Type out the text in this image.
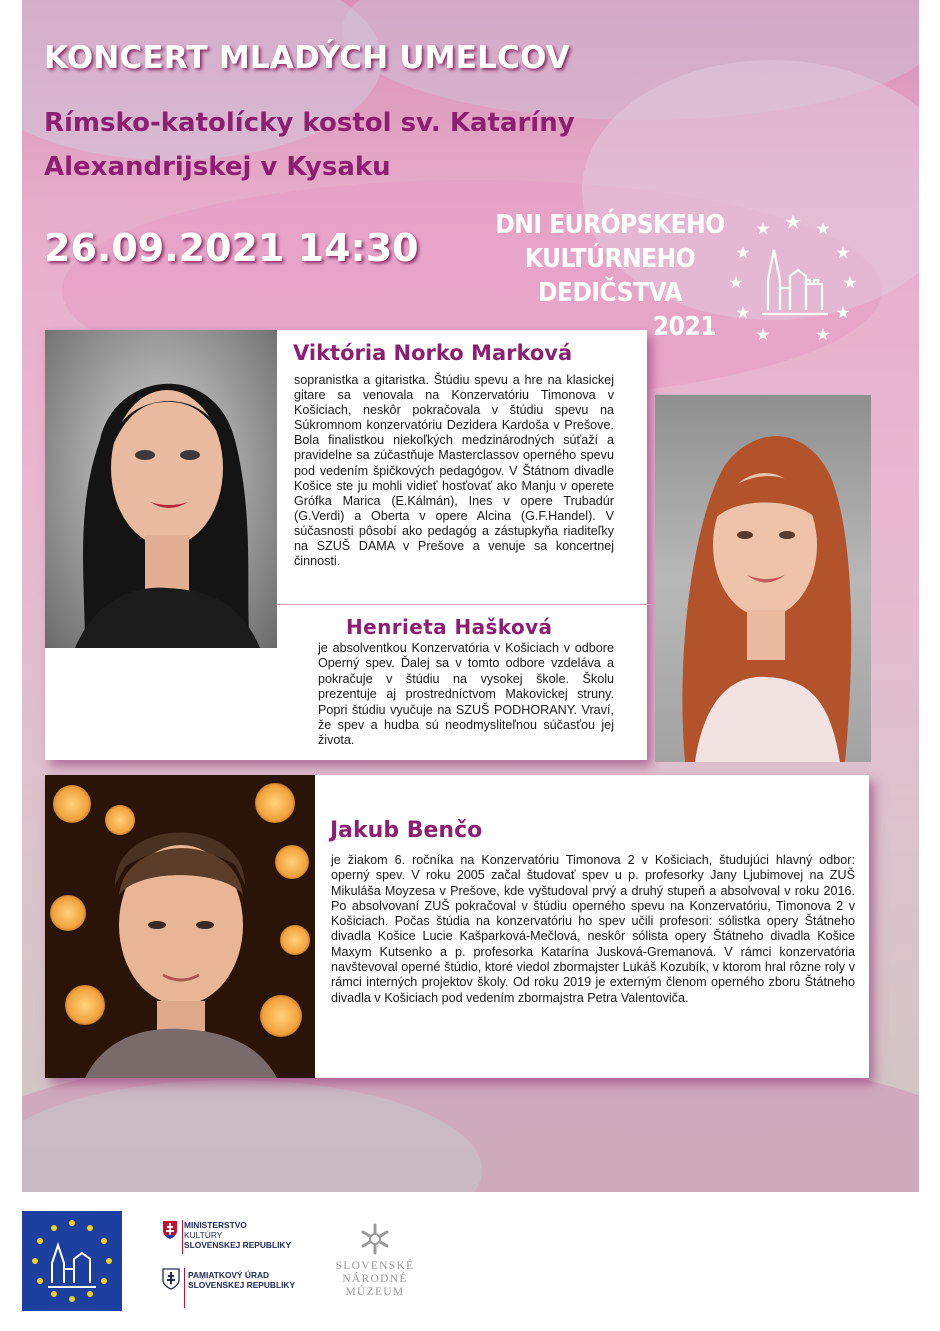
KONCERT MLADÝCH UMELCOV
Rímsko-katolícky kostol sv. Kataríny
Alexandrijskej v Kysaku
26.09.2021 14:30
DNI EURÓPSKEHO
KULTÚRNEHO
DEDIČSTVA
2021
Viktória Norko Marková

sopranistka a gitaristka. Štúdiu spevu a hre na klasickej gitare sa venovala na Konzervatóriu Timonova v Košiciach, neskôr pokračovala v štúdiu spevu na Súkromnom konzervatóriu Dezidera Kardoša v Prešove. Bola finalistkou niekoľkých medzinárodných súťaží a pravidelne sa zúčastňuje Masterclassov operného spevu pod vedením špičkových pedagógov. V Štátnom divadle Košice ste ju mohli vidieť hosťovať ako Manju v operete Grófka Marica (E.Kálmán), Ines v opere Trubadúr (G.Verdi) a Oberta v opere Alcina (G.F.Handel). V súčasnosti pôsobí ako pedagóg a zástupkyňa riaditeľky na SZUŠ DAMA v Prešove a venuje sa koncertnej činnosti.

Henrieta Hašková

je absolventkou Konzervatória v Košiciach v odbore Operný spev. Ďalej sa v tomto odbore vzdeláva a pokračuje v štúdiu na vysokej škole. Školu prezentuje aj prostredníctvom Makovickej struny. Popri štúdiu vyučuje na SZUŠ PODHORANY. Vraví, že spev a hudba sú neodmysliteľnou súčasťou jej života.

Jakub Benčo

je žiakom 6. ročníka na Konzervatóriu Timonova 2 v Košiciach, študujúci hlavný odbor: operný spev. V roku 2005 začal študovať spev u p. profesorky Jany Ljubimovej na ZUŠ Mikuláša Moyzesa v Prešove, kde vyštudoval prvý a druhý stupeň a absolvoval v roku 2016. Po absolvovaní ZUŠ pokračoval v štúdiu operného spevu na Konzervatóriu, Timonova 2 v Košiciach. Počas štúdia na konzervatóriu ho spev učili profesori: sólistka opery Štátneho divadla Košice Lucie Kašparková-Mečlová, neskôr sólista opery Štátneho divadla Košice Maxym Kutsenko a p. profesorka Katarína Jusková-Gremanová. V rámci konzervatória navštevoval operné štúdio, ktoré viedol zbormajster Lukáš Kozubík, v ktorom hral rôzne roly v rámci interných projektov školy. Od roku 2019 je externým členom operného zboru Štátneho divadla v Košiciach pod vedením zbormajstra Petra Valentoviča.

MINISTERSTVO
KULTÚRY
SLOVENSKEJ REPUBLIKY
PAMIATKOVÝ ÚRAD
SLOVENSKEJ REPUBLIKY
SLOVENSKÉ
NÁRODNÉ
MÚZEUM
